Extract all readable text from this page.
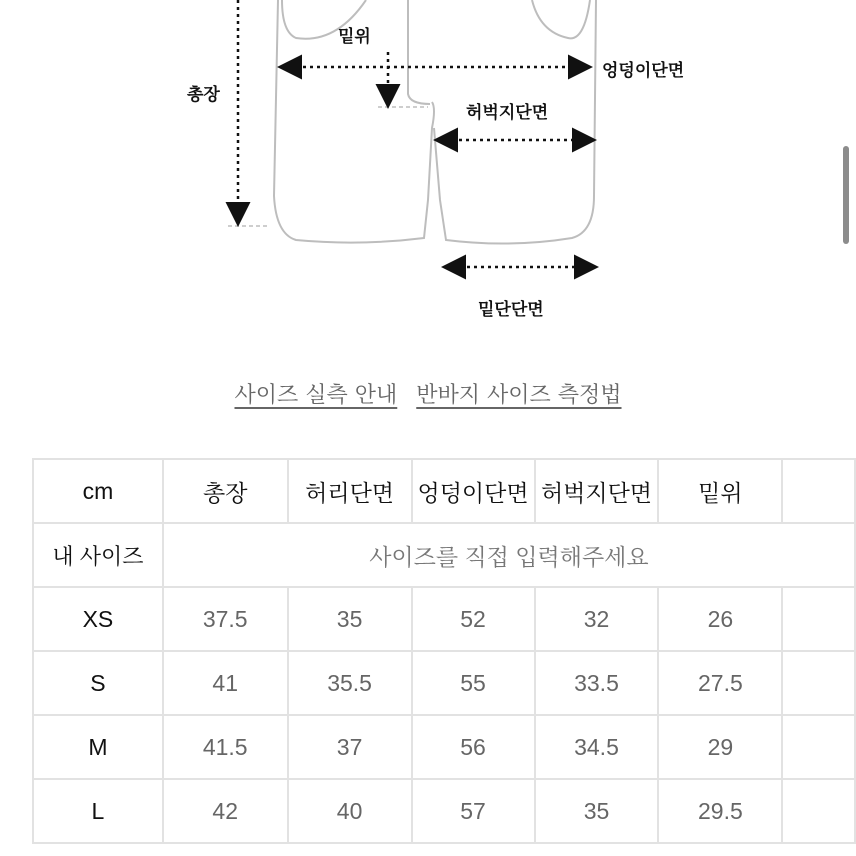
밑위
엉덩이단면
총장
허벅지단면
밑단단면
사이즈 실측 안내 반바지 사이즈 측정법
cm	총장	허리단면	엉덩이단면	허벅지단면	밑위	
내 사이즈	사이즈를 직접 입력해주세요					
XS	37.5	35	52	32	26	
S	41	35.5	55	33.5	27.5	
M	41.5	37	56	34.5	29	
L	42	40	57	35	29.5	
